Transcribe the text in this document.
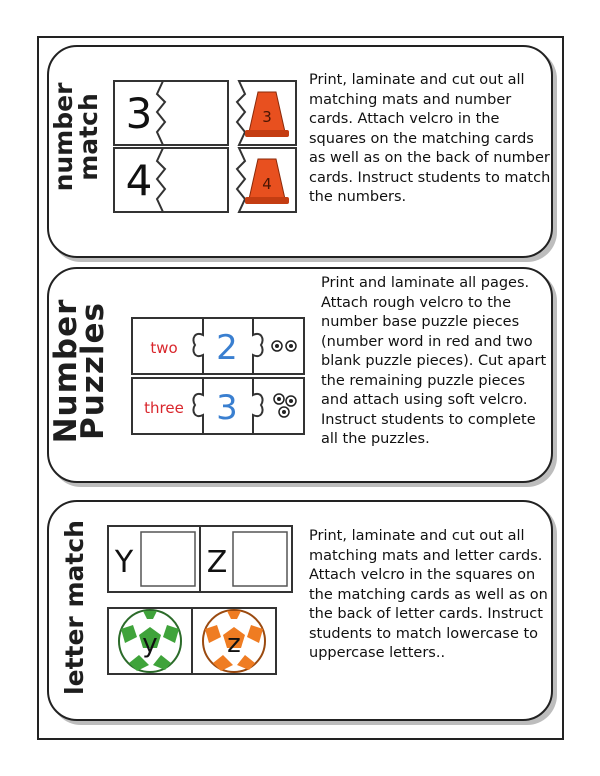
number
match 3
4
3
4

Print, laminate and cut out all matching mats and number cards. Attach velcro in the squares on the matching cards as well as on the back of number cards. Instruct students to match the numbers.

Number
Puzzles	two 2
three 3

Print and laminate all pages. Attach rough velcro to the number base puzzle pieces (number word in red and two blank puzzle pieces). Cut apart the remaining puzzle pieces and attach using soft velcro. Instruct students to complete all the puzzles.

letter match Y Z
y	z

Print, laminate and cut out all matching mats and letter cards. Attach velcro in the squares on the matching cards as well as on the back of letter cards. Instruct students to match lowercase to uppercase letters..
